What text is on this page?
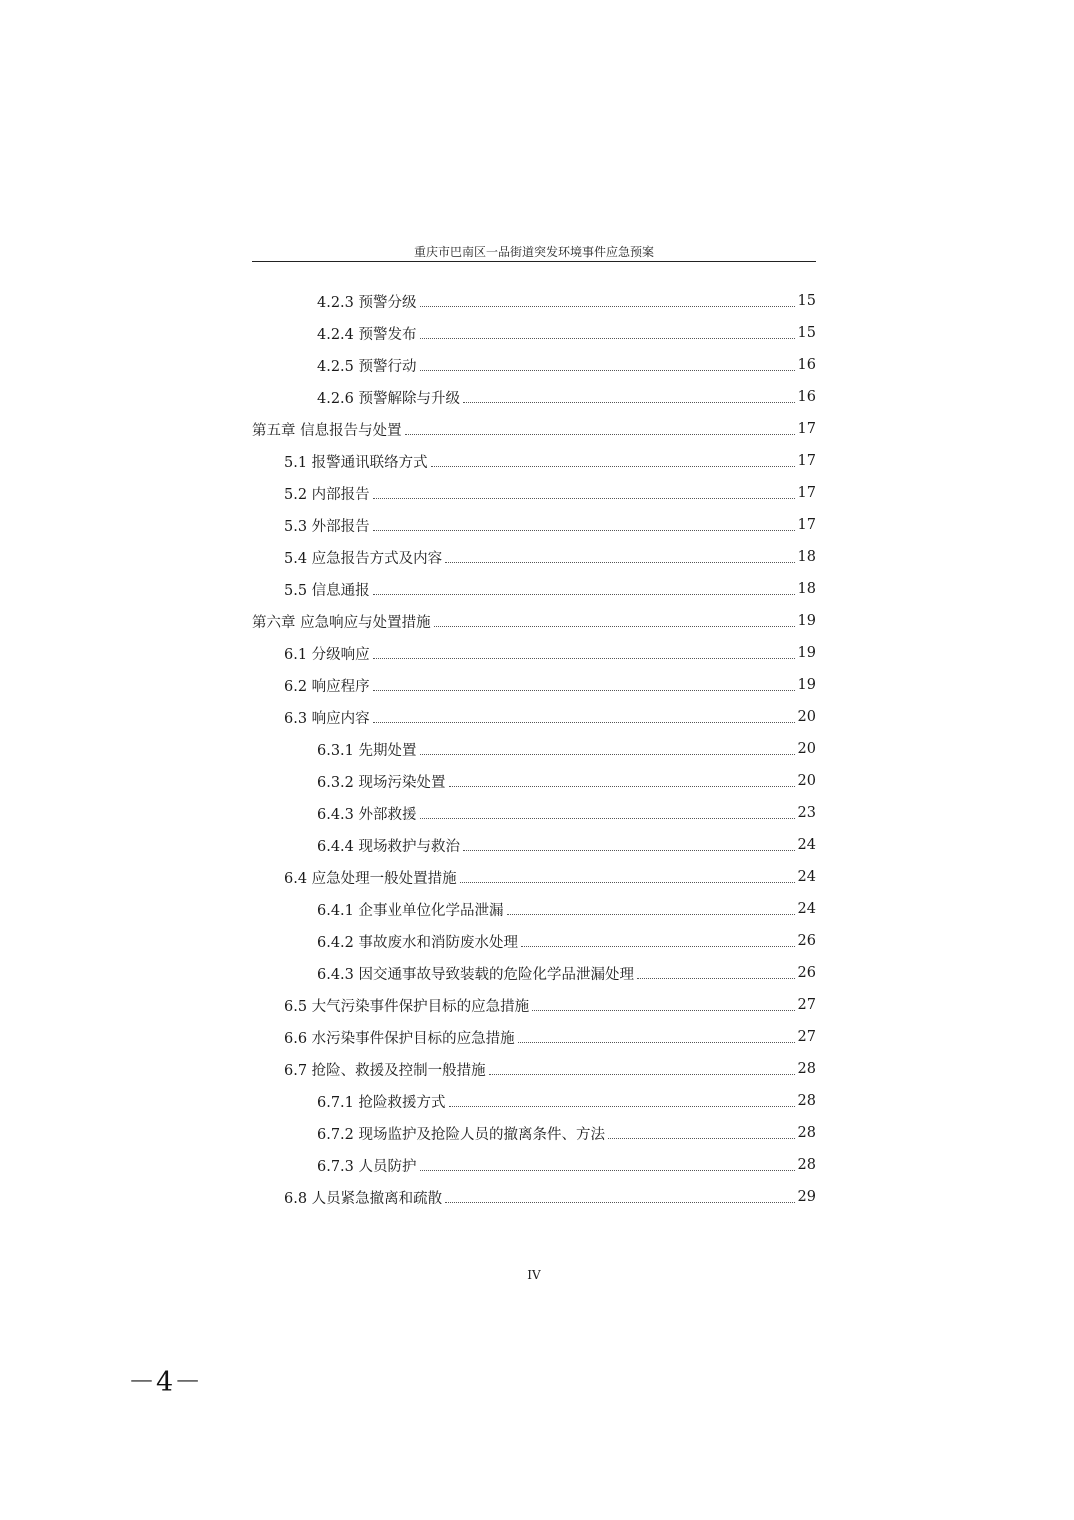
重庆市巴南区一品街道突发环境事件应急预案
4.2.3 预警分级	15
4.2.4 预警发布	15
4.2.5 预警行动	16
4.2.6 预警解除与升级	16
第五章 信息报告与处置	17
5.1 报警通讯联络方式	17
5.2 内部报告	17
5.3 外部报告	17
5.4 应急报告方式及内容	18
5.5 信息通报	18
第六章 应急响应与处置措施	19
6.1 分级响应	19
6.2 响应程序	19
6.3 响应内容	20
6.3.1 先期处置	20
6.3.2 现场污染处置	20
6.4.3 外部救援	23
6.4.4 现场救护与救治	24
6.4 应急处理一般处置措施	24
6.4.1 企事业单位化学品泄漏	24
6.4.2 事故废水和消防废水处理	26
6.4.3 因交通事故导致装载的危险化学品泄漏处理	26
6.5 大气污染事件保护目标的应急措施	27
6.6 水污染事件保护目标的应急措施	27
6.7 抢险、救援及控制一般措施	28
6.7.1 抢险救援方式	28
6.7.2 现场监护及抢险人员的撤离条件、方法	28
6.7.3 人员防护	28
6.8 人员紧急撤离和疏散	29
IV
－4－
